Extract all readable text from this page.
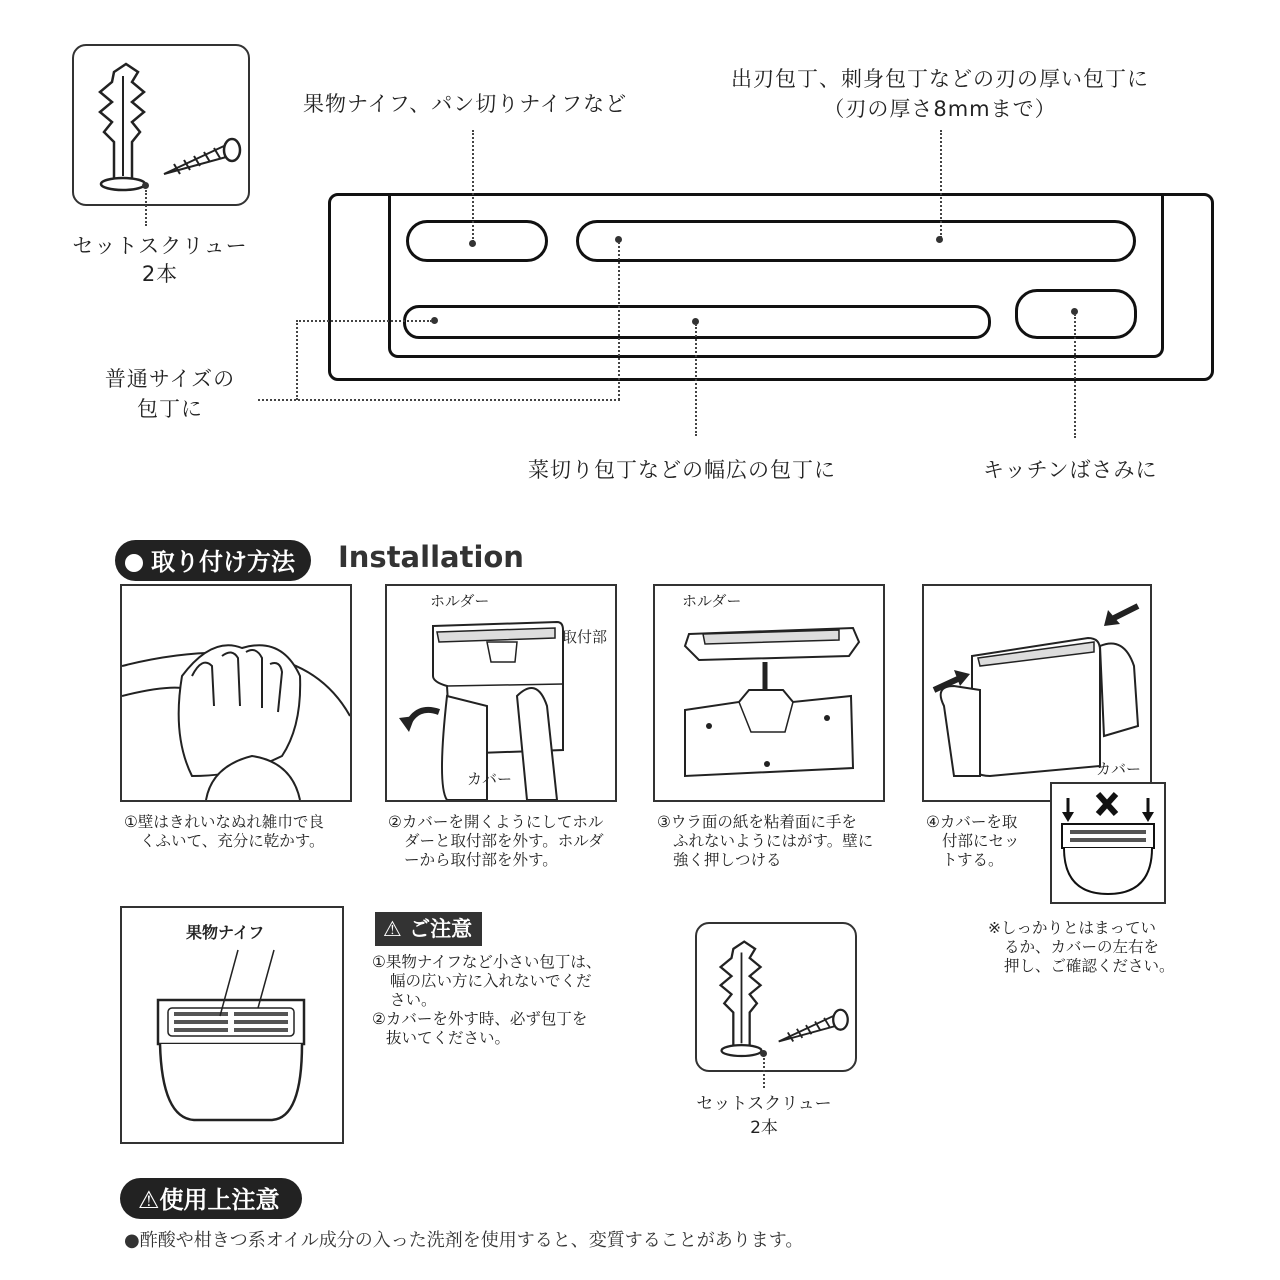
セットスクリュー
2本
果物ナイフ、パン切りナイフなど
出刃包丁、刺身包丁などの刃の厚い包丁に
（刃の厚さ8mmまで）
普通サイズの
包丁に
菜切り包丁などの幅広の包丁に	キッチンばさみに
取り付け方法	Installation
①壁はきれいなぬれ雑巾で良
くふいて、充分に乾かす。
ホルダー
取付部
カバー
②カバーを開くようにしてホル
ダーと取付部を外す。ホルダ
ーから取付部を外す。
ホルダー
③ウラ面の紙を粘着面に手を
ふれないようにはがす。壁に
強く押しつける
カバー
④カバーを取
付部にセッ
トする。
※しっかりとはまってい
るか、カバーの左右を
押し、ご確認ください。
果物ナイフ	⚠ ご注意
①果物ナイフなど小さい包丁は、
幅の広い方に入れないでくだ
さい。
②カバーを外す時、必ず包丁を
抜いてください。
セットスクリュー
2本
⚠使用上注意
●酢酸や柑きつ系オイル成分の入った洗剤を使用すると、変質することがあります。
